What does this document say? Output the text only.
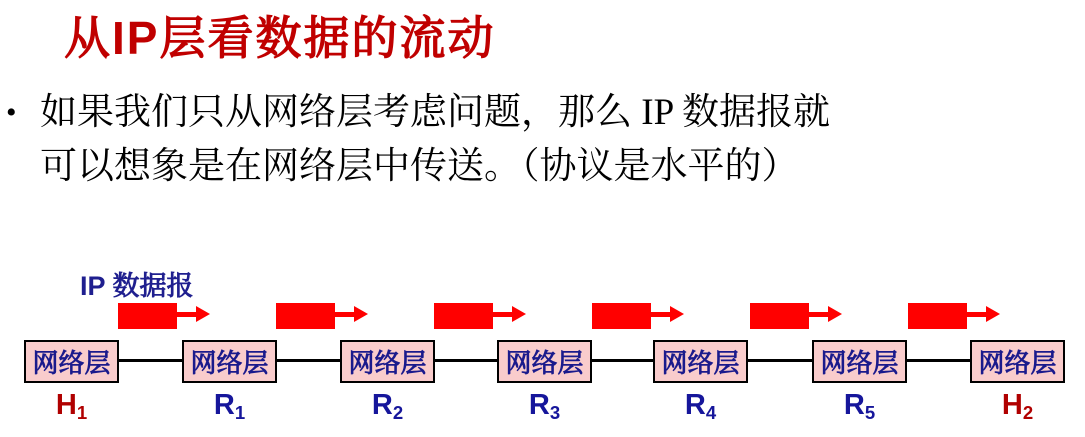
从IP层看数据的流动
• 如果我们只从网络层考虑问题，那么 IP 数据报就
可以想象是在网络层中传送。（协议是水平的）
IP 数据报
网络层
$H_1$
网络层
$R_1$
网络层
$R_2$
网络层
$R_3$
网络层
$R_4$
网络层
$R_5$
网络层
$H_2$
